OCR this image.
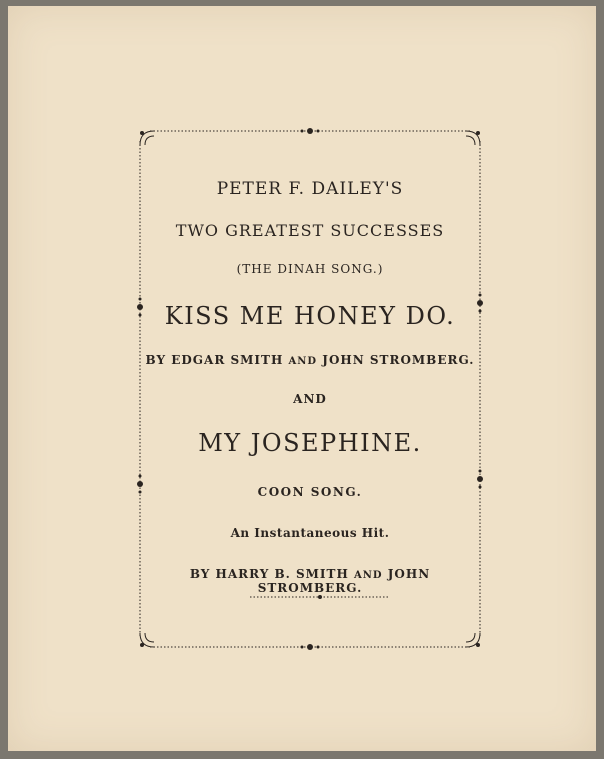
PETER F. DAILEY'S
TWO GREATEST SUCCESSES
(THE DINAH SONG.)
KISS ME HONEY DO.
BY EDGAR SMITH AND JOHN STROMBERG.
AND
MY JOSEPHINE.
COON SONG.
An Instantaneous Hit.
BY HARRY B. SMITH AND JOHN STROMBERG.
